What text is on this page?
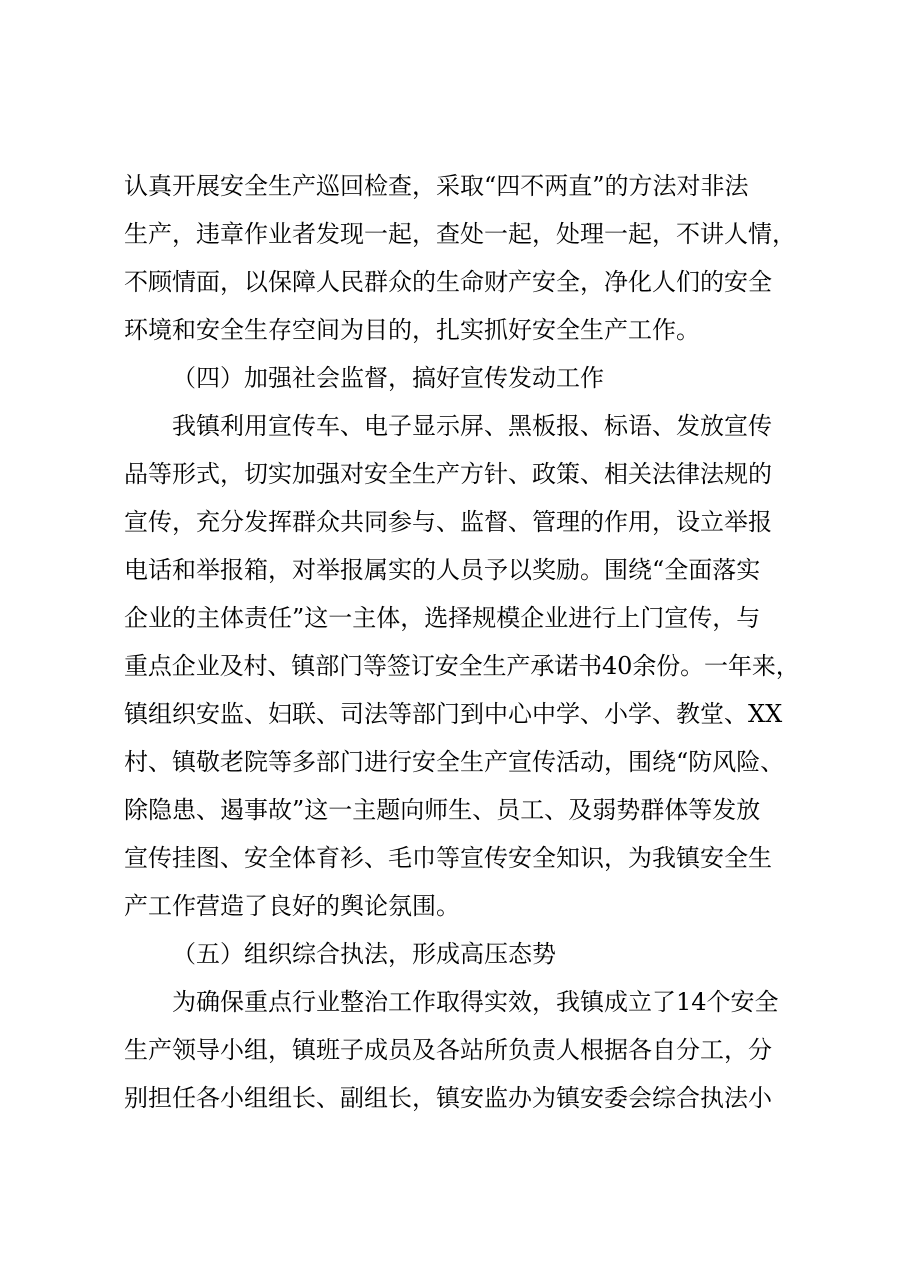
认真开展安全生产巡回检查，采取“四不两直”的方法对非法
生产，违章作业者发现一起，查处一起，处理一起，不讲人情，
不顾情面，以保障人民群众的生命财产安全，净化人们的安全
环境和安全生存空间为目的，扎实抓好安全生产工作。
（四）加强社会监督，搞好宣传发动工作
我镇利用宣传车、电子显示屏、黑板报、标语、发放宣传
品等形式，切实加强对安全生产方针、政策、相关法律法规的
宣传，充分发挥群众共同参与、监督、管理的作用，设立举报
电话和举报箱，对举报属实的人员予以奖励。围绕“全面落实
企业的主体责任”这一主体，选择规模企业进行上门宣传，与
重点企业及村、镇部门等签订安全生产承诺书40余份。一年来，
镇组织安监、妇联、司法等部门到中心中学、小学、教堂、XX
村、镇敬老院等多部门进行安全生产宣传活动，围绕“防风险、
除隐患、遏事故”这一主题向师生、员工、及弱势群体等发放
宣传挂图、安全体育衫、毛巾等宣传安全知识，为我镇安全生
产工作营造了良好的舆论氛围。
（五）组织综合执法，形成高压态势
为确保重点行业整治工作取得实效，我镇成立了14个安全
生产领导小组，镇班子成员及各站所负责人根据各自分工，分
别担任各小组组长、副组长，镇安监办为镇安委会综合执法小
